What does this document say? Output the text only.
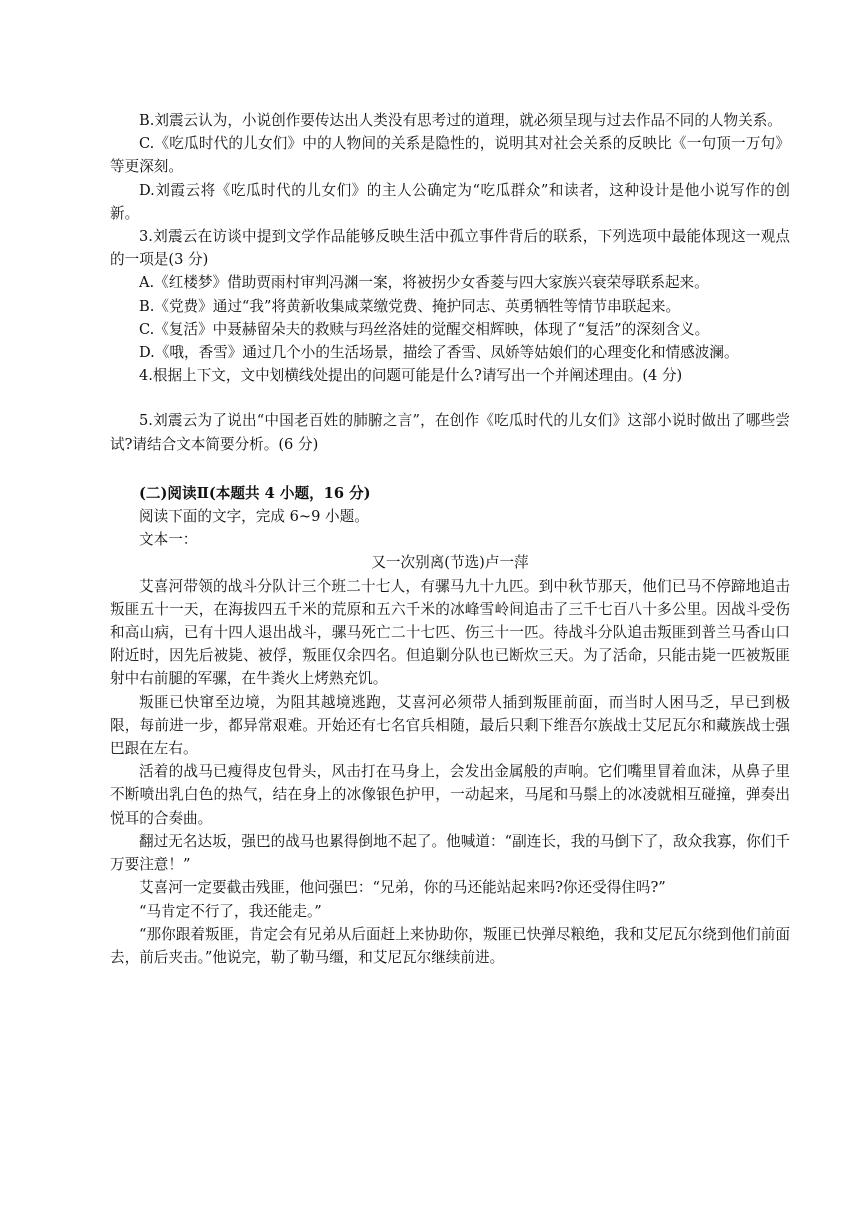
B.刘震云认为，小说创作要传达出人类没有思考过的道理，就必须呈现与过去作品不同的人物关系。

C.《吃瓜时代的儿女们》中的人物间的关系是隐性的，说明其对社会关系的反映比《一句顶一万句》等更深刻。

D.刘霞云将《吃瓜时代的儿女们》的主人公确定为“吃瓜群众”和读者，这种设计是他小说写作的创新。

3.刘震云在访谈中提到文学作品能够反映生活中孤立事件背后的联系，下列选项中最能体现这一观点的一项是(3 分)

A.《红楼梦》借助贾雨村审判冯渊一案，将被拐少女香菱与四大家族兴衰荣辱联系起来。

B.《党费》通过“我”将黄新收集咸菜缴党费、掩护同志、英勇牺牲等情节串联起来。

C.《复活》中聂赫留朵夫的救赎与玛丝洛娃的觉醒交相辉映，体现了“复活”的深刻含义。

D.《哦，香雪》通过几个小的生活场景，描绘了香雪、凤娇等姑娘们的心理变化和情感波澜。

4.根据上下文，文中划横线处提出的问题可能是什么?请写出一个并阐述理由。(4 分)

5.刘震云为了说出“中国老百姓的肺腑之言”，在创作《吃瓜时代的儿女们》这部小说时做出了哪些尝试?请结合文本简要分析。(6 分)

(二)阅读Ⅱ(本题共 4 小题，16 分)

阅读下面的文字，完成 6~9 小题。

文本一：

又一次别离(节选)卢一萍

艾喜河带领的战斗分队计三个班二十七人，有骡马九十九匹。到中秋节那天，他们已马不停蹄地追击叛匪五十一天，在海拔四五千米的荒原和五六千米的冰峰雪岭间追击了三千七百八十多公里。因战斗受伤和高山病，已有十四人退出战斗，骡马死亡二十七匹、伤三十一匹。待战斗分队追击叛匪到普兰马香山口附近时，因先后被毙、被俘，叛匪仅余四名。但追剿分队也已断炊三天。为了活命，只能击毙一匹被叛匪射中右前腿的军骡，在牛粪火上烤熟充饥。

叛匪已快窜至边境，为阻其越境逃跑，艾喜河必须带人插到叛匪前面，而当时人困马乏，早已到极限，每前进一步，都异常艰难。开始还有七名官兵相随，最后只剩下维吾尔族战士艾尼瓦尔和藏族战士强巴跟在左右。

活着的战马已瘦得皮包骨头，风击打在马身上，会发出金属般的声响。它们嘴里冒着血沫，从鼻子里不断喷出乳白色的热气，结在身上的冰像银色护甲，一动起来，马尾和马鬃上的冰凌就相互碰撞，弹奏出悦耳的合奏曲。

翻过无名达坂，强巴的战马也累得倒地不起了。他喊道：“副连长，我的马倒下了，敌众我寡，你们千万要注意！”

艾喜河一定要截击残匪，他问强巴：“兄弟，你的马还能站起来吗?你还受得住吗?”

“马肯定不行了，我还能走。”

“那你跟着叛匪，肯定会有兄弟从后面赶上来协助你，叛匪已快弹尽粮绝，我和艾尼瓦尔绕到他们前面去，前后夹击。”他说完，勒了勒马缰，和艾尼瓦尔继续前进。
